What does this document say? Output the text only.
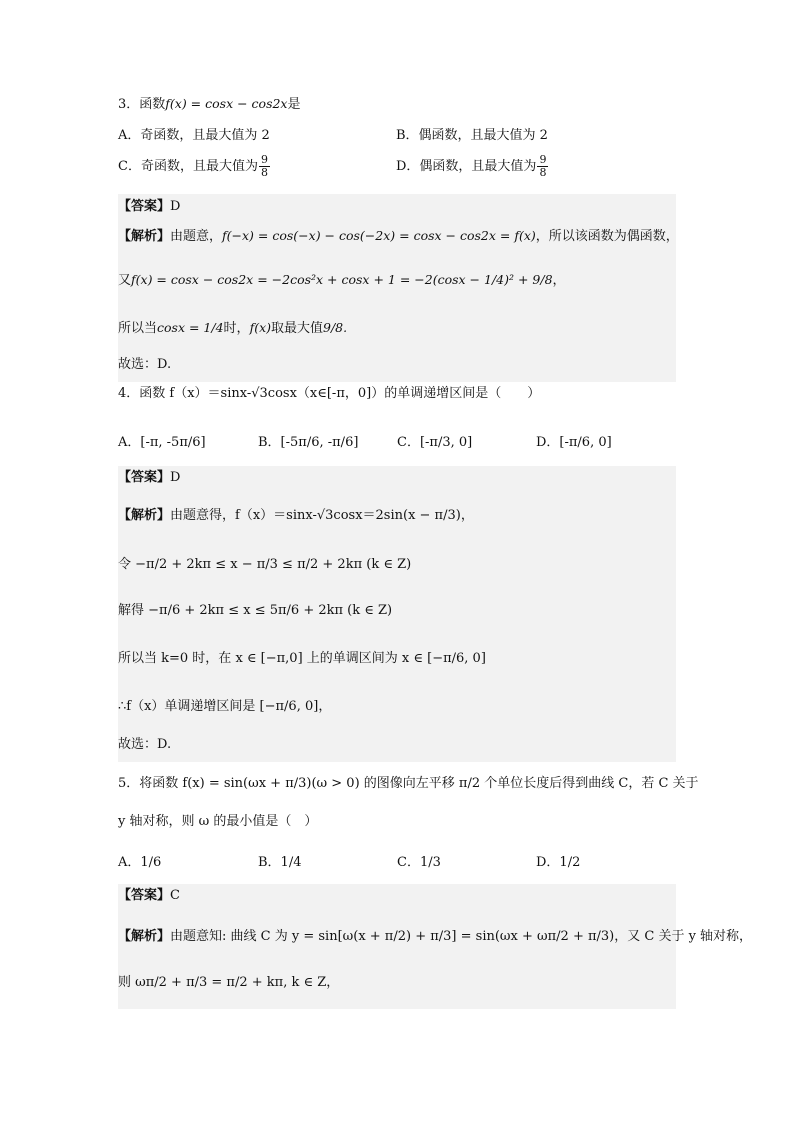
3．函数f(x) = cosx − cos2x是
A．奇函数，且最大值为 2	B．偶函数，且最大值为 2
C．奇函数，且最大值为 $\frac{9}{8}$	D．偶函数，且最大值为 $\frac{9}{8}$
【答案】D
【解析】由题意，f(−x) = cos(−x) − cos(−2x) = cosx − cos2x = f(x)，所以该函数为偶函数，
又f(x) = cosx − cos2x = −2cos²x + cosx + 1 = −2(cosx − 1/4)² + 9/8，
所以当cosx = 1/4时，f(x)取最大值9/8.
故选：D.
4．函数 f（x）＝sinx-√3cosx（x∈[-π，0]）的单调递增区间是（　　）
A．[-π, -5π/6]	B．[-5π/6, -π/6]	C．[-π/3, 0]	D．[-π/6, 0]
【答案】D
【解析】由题意得，f（x）＝sinx-√3cosx＝2sin(x − π/3)，
令 −π/2 + 2kπ ≤ x − π/3 ≤ π/2 + 2kπ (k ∈ Z)
解得 −π/6 + 2kπ ≤ x ≤ 5π/6 + 2kπ (k ∈ Z)
所以当 k=0 时，在 x ∈ [−π,0] 上的单调区间为 x ∈ [−π/6, 0]
∴f（x）单调递增区间是 [−π/6, 0]，
故选：D.
5．将函数 f(x) = sin(ωx + π/3)(ω > 0) 的图像向左平移 π/2 个单位长度后得到曲线 C，若 C 关于
y 轴对称，则 ω 的最小值是（　）
A．1/6	B．1/4	C．1/3	D．1/2
【答案】C
【解析】由题意知: 曲线 C 为 y = sin[ω(x + π/2) + π/3] = sin(ωx + ωπ/2 + π/3)，又 C 关于 y 轴对称，
则 ωπ/2 + π/3 = π/2 + kπ, k ∈ Z，
